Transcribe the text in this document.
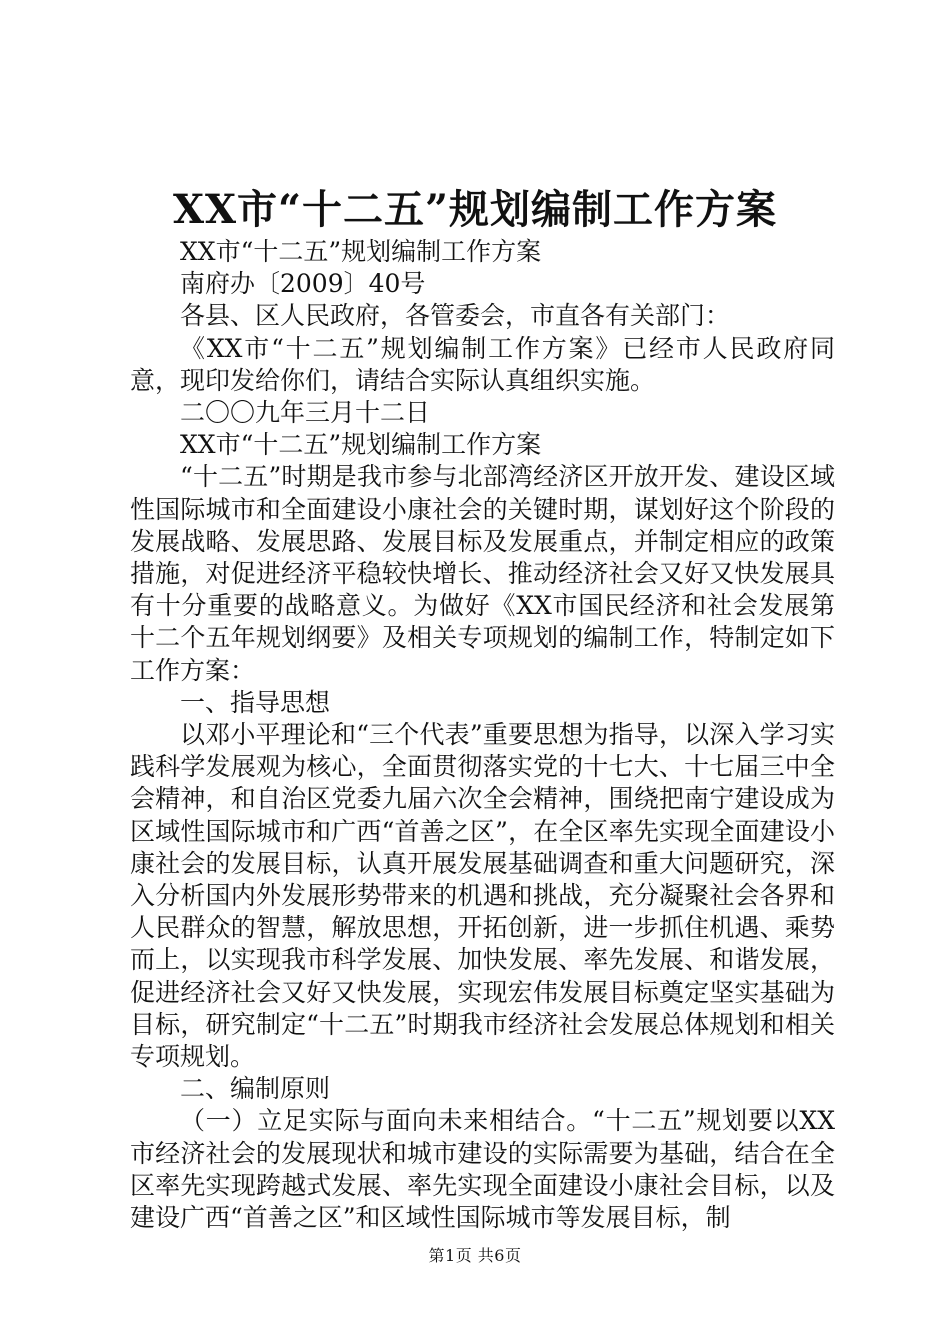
XX市“十二五”规划编制工作方案

XX市“十二五”规划编制工作方案

南府办〔2009〕40号

各县、区人民政府，各管委会，市直各有关部门：

《XX市“十二五”规划编制工作方案》已经市人民政府同意，现印发给你们，请结合实际认真组织实施。

二〇〇九年三月十二日

XX市“十二五”规划编制工作方案

“十二五”时期是我市参与北部湾经济区开放开发、建设区域性国际城市和全面建设小康社会的关键时期，谋划好这个阶段的发展战略、发展思路、发展目标及发展重点，并制定相应的政策措施，对促进经济平稳较快增长、推动经济社会又好又快发展具有十分重要的战略意义。为做好《XX市国民经济和社会发展第十二个五年规划纲要》及相关专项规划的编制工作，特制定如下工作方案：

一、指导思想

以邓小平理论和“三个代表”重要思想为指导，以深入学习实践科学发展观为核心，全面贯彻落实党的十七大、十七届三中全会精神，和自治区党委九届六次全会精神，围绕把南宁建设成为区域性国际城市和广西“首善之区”，在全区率先实现全面建设小康社会的发展目标，认真开展发展基础调查和重大问题研究，深入分析国内外发展形势带来的机遇和挑战，充分凝聚社会各界和人民群众的智慧，解放思想，开拓创新，进一步抓住机遇、乘势而上，以实现我市科学发展、加快发展、率先发展、和谐发展，促进经济社会又好又快发展，实现宏伟发展目标奠定坚实基础为目标，研究制定“十二五”时期我市经济社会发展总体规划和相关专项规划。

二、编制原则

（一）立足实际与面向未来相结合。“十二五”规划要以XX市经济社会的发展现状和城市建设的实际需要为基础，结合在全区率先实现跨越式发展、率先实现全面建设小康社会目标，以及建设广西“首善之区”和区域性国际城市等发展目标，制

第1页 共6页
